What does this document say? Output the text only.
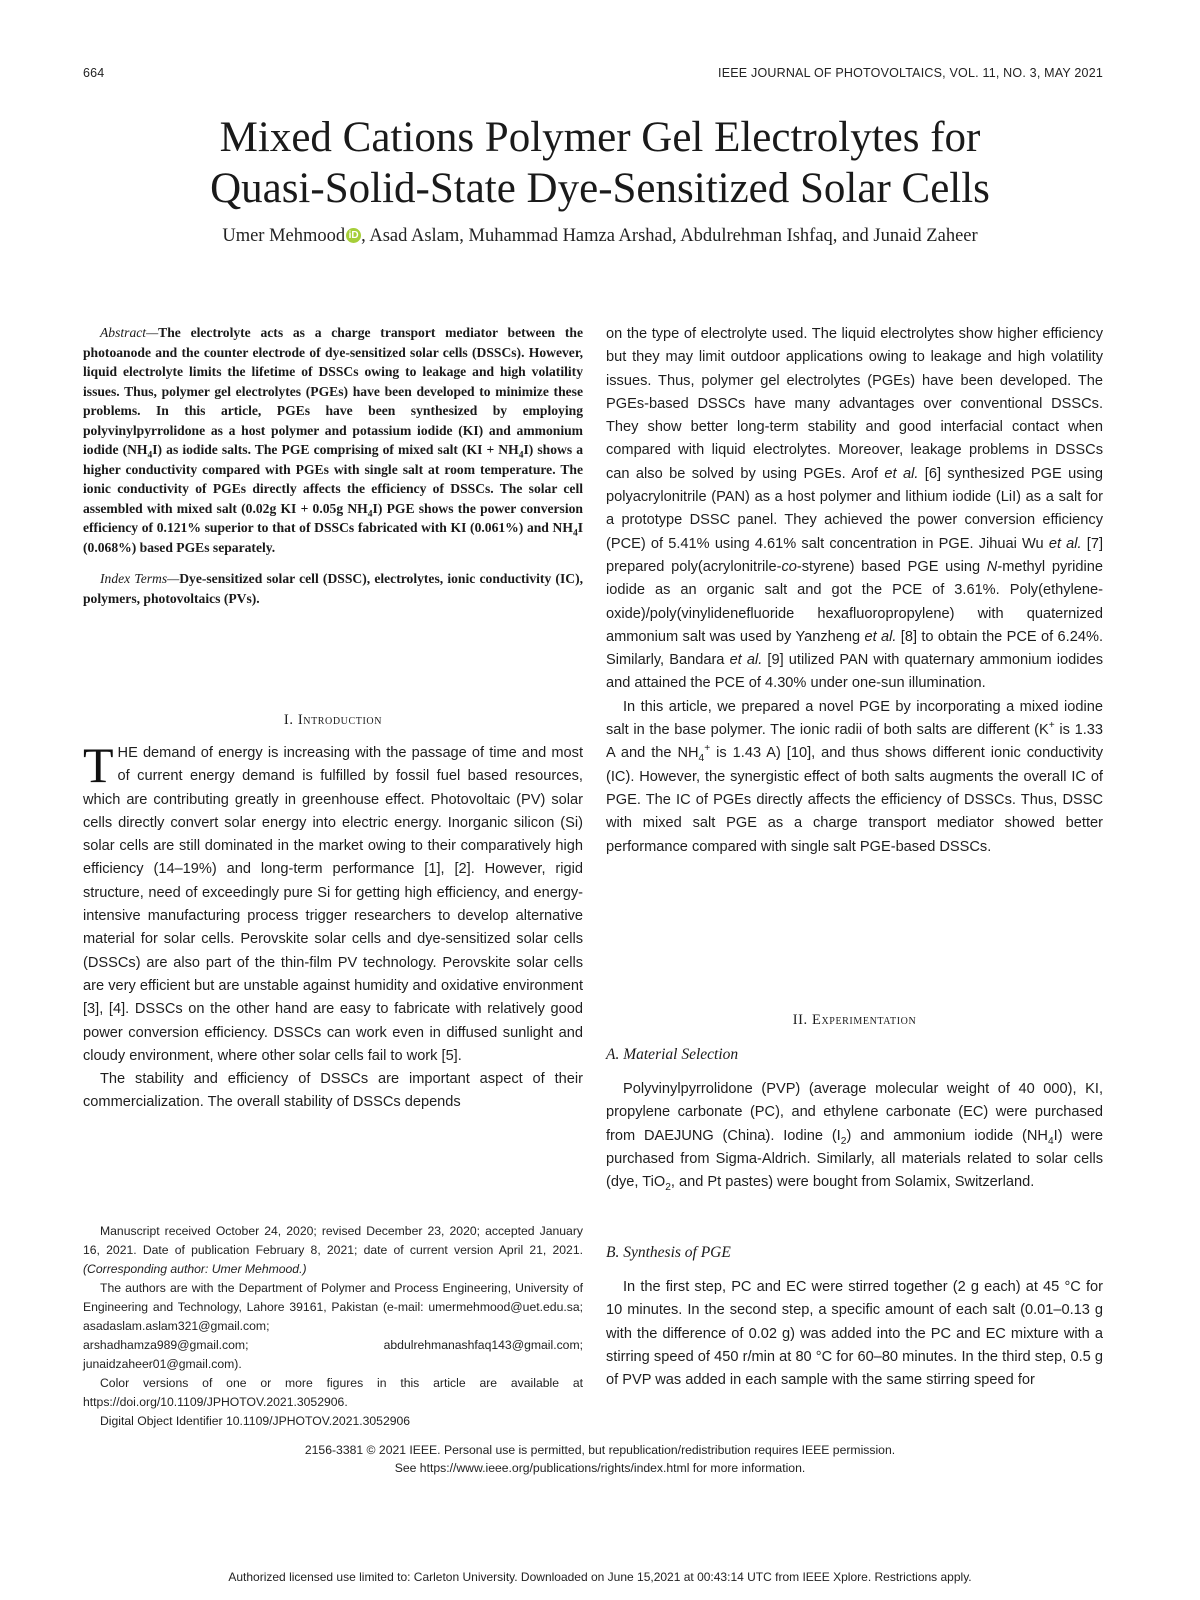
664	IEEE JOURNAL OF PHOTOVOLTAICS, VOL. 11, NO. 3, MAY 2021
Mixed Cations Polymer Gel Electrolytes for
Quasi-Solid-State Dye-Sensitized Solar Cells
Umer Mehmood iD , Asad Aslam, Muhammad Hamza Arshad, Abdulrehman Ishfaq, and Junaid Zaheer

Abstract—The electrolyte acts as a charge transport mediator between the photoanode and the counter electrode of dye-sensitized solar cells (DSSCs). However, liquid electrolyte limits the lifetime of DSSCs owing to leakage and high volatility issues. Thus, polymer gel electrolytes (PGEs) have been developed to minimize these problems. In this article, PGEs have been synthesized by employing polyvinylpyrrolidone as a host polymer and potassium iodide (KI) and ammonium iodide $(NH_4I)$ as iodide salts. The PGE comprising of mixed salt $(KI + NH_4I)$ shows a higher conductivity compared with PGEs with single salt at room temperature. The ionic conductivity of PGEs directly affects the efficiency of DSSCs. The solar cell assembled with mixed salt (0.02g KI + 0.05g $NH_4I$) PGE shows the power conversion efficiency of 0.121% superior to that of DSSCs fabricated with KI (0.061%) and $NH_4I$ (0.068%) based PGEs separately.

Index Terms—Dye-sensitized solar cell (DSSC), electrolytes, ionic conductivity (IC), polymers, photovoltaics (PVs).

I. Introduction

THE demand of energy is increasing with the passage of time and most of current energy demand is fulfilled by fossil fuel based resources, which are contributing greatly in greenhouse effect. Photovoltaic (PV) solar cells directly convert solar energy into electric energy. Inorganic silicon (Si) solar cells are still dominated in the market owing to their comparatively high efficiency (14–19%) and long-term performance [1], [2]. However, rigid structure, need of exceedingly pure Si for getting high efficiency, and energy-intensive manufacturing process trigger researchers to develop alternative material for solar cells. Perovskite solar cells and dye-sensitized solar cells (DSSCs) are also part of the thin-film PV technology. Perovskite solar cells are very efficient but are unstable against humidity and oxidative environment [3], [4]. DSSCs on the other hand are easy to fabricate with relatively good power conversion efficiency. DSSCs can work even in diffused sunlight and cloudy environment, where other solar cells fail to work [5].

The stability and efficiency of DSSCs are important aspect of their commercialization. The overall stability of DSSCs depends

on the type of electrolyte used. The liquid electrolytes show higher efficiency but they may limit outdoor applications owing to leakage and high volatility issues. Thus, polymer gel electrolytes (PGEs) have been developed. The PGEs-based DSSCs have many advantages over conventional DSSCs. They show better long-term stability and good interfacial contact when compared with liquid electrolytes. Moreover, leakage problems in DSSCs can also be solved by using PGEs. Arof et al. [6] synthesized PGE using polyacrylonitrile (PAN) as a host polymer and lithium iodide (LiI) as a salt for a prototype DSSC panel. They achieved the power conversion efficiency (PCE) of 5.41% using 4.61% salt concentration in PGE. Jihuai Wu et al. [7] prepared poly(acrylonitrile-co-styrene) based PGE using N-methyl pyridine iodide as an organic salt and got the PCE of 3.61%. Poly(ethylene-oxide)/poly(vinylidenefluoride hexafluoropropylene) with quaternized ammonium salt was used by Yanzheng et al. [8] to obtain the PCE of 6.24%. Similarly, Bandara et al. [9] utilized PAN with quaternary ammonium iodides and attained the PCE of 4.30% under one-sun illumination.

In this article, we prepared a novel PGE by incorporating a mixed iodine salt in the base polymer. The ionic radii of both salts are different (K+ is 1.33 A and the $NH_4^+$ is 1.43 A) [10], and thus shows different ionic conductivity (IC). However, the synergistic effect of both salts augments the overall IC of PGE. The IC of PGEs directly affects the efficiency of DSSCs. Thus, DSSC with mixed salt PGE as a charge transport mediator showed better performance compared with single salt PGE-based DSSCs.

II. Experimentation
A. Material Selection

Polyvinylpyrrolidone (PVP) (average molecular weight of 40 000), KI, propylene carbonate (PC), and ethylene carbonate (EC) were purchased from DAEJUNG (China). Iodine $(I_2)$ and ammonium iodide $(NH_4I)$ were purchased from Sigma-Aldrich. Similarly, all materials related to solar cells (dye, TiO$_2$, and Pt pastes) were bought from Solamix, Switzerland.

B. Synthesis of PGE

In the first step, PC and EC were stirred together (2 g each) at 45 °C for 10 minutes. In the second step, a specific amount of each salt (0.01–0.13 g with the difference of 0.02 g) was added into the PC and EC mixture with a stirring speed of 450 r/min at 80 °C for 60–80 minutes. In the third step, 0.5 g of PVP was added in each sample with the same stirring speed for

Manuscript received October 24, 2020; revised December 23, 2020; accepted January 16, 2021. Date of publication February 8, 2021; date of current version April 21, 2021. (Corresponding author: Umer Mehmood.)

The authors are with the Department of Polymer and Process Engineering, University of Engineering and Technology, Lahore 39161, Pakistan (e-mail: umermehmood@uet.edu.sa; asadaslam.aslam321@gmail.com;

arshadhamza989@gmail.com;	abdulrehmanashfaq143@gmail.com;

junaidzaheer01@gmail.com).

Color versions of one or more figures in this article are available at https://doi.org/10.1109/JPHOTOV.2021.3052906.

Digital Object Identifier 10.1109/JPHOTOV.2021.3052906

2156-3381 © 2021 IEEE. Personal use is permitted, but republication/redistribution requires IEEE permission.
See https://www.ieee.org/publications/rights/index.html for more information.
Authorized licensed use limited to: Carleton University. Downloaded on June 15,2021 at 00:43:14 UTC from IEEE Xplore. Restrictions apply.
